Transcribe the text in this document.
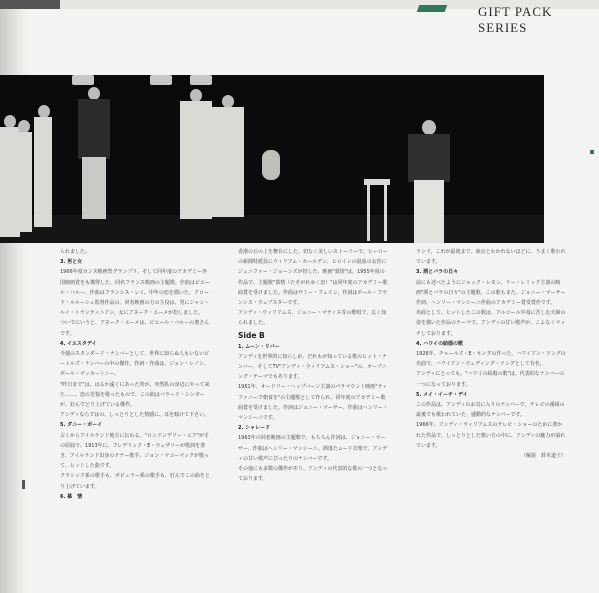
GIFT PACK SERIES

られました。

3. 男と女

1966年度カンヌ映画祭グランプリ、そして同年度のアカデミー外国映画賞をも獲得した、同名フランス映画の主題歌。作曲はピエール・バルー、作曲はフランシス・レイ。中年の恋を描いた、クロード・ルルーシュ監督作品の、同名映画の方の主役は、男にジャン・ルイ・トランティニアン、女にアヌーク・エーメが扮しました。

ついでにいうと、アヌーク・エーメは、ピエール・バルーの奥さんです。

4. イエスタデイ

今週のスタンダード・ナンバーとして、世界に知らぬ人もいないビートルズ・ナンバーの中の傑作。作詞・作曲は、ジョン・レノン、ポール・マッカートニー。

"昨日まで"は、はるか遠くにあった筈が、突然私の身辺にやって来た……。恋の苦悩を歌ったもので、この曲はバラード・シンガーが、好んでとり上げている傑作。

アンディならではの、しっとりとした情感に、耳を傾けて下さい。

5. ダニー・ボーイ

古くからアイルランド地方に伝わる、"ロンドンデリー・エア"がその原曲で、1913年に、フレデリック・E・ウェザリーが歌詞を書き、アイルランド出身のテナー歌手、ジョン・マコーマックが歌って、ヒットした曲です。

クラシック系の歌手も、ポピュラー系の歌手も、好んでこの曲をとり上げています。

6. 慕　情

香港の丘の上を舞台にした、切なく美しいストーリーで、ヒーローの新聞特派員にウィリアム・ホールデン、ヒロインの混血の女医にジェニファー・ジョーンズが扮した、映画"慕情"は、1955年度の作品で、主題歌"慕情（たそがれゆく恋）"は同年度のアカデミー歌曲賞を受けました。作曲はサミー・フェイン、作詞はポール・フランシス・ウェブスターです。

アンディ・ウィリアムス、ジョニー・マティス等の歌唱で、広く知られました。

Side B

1. ムーン・リバー

アンディを世界的に知らしめ、だれもが知っている歌のヒット・ナンバー。そしてTV"アンディ・ウィリアムス・ショー"の、オープニング・テーマでもあります。

1961年、オードリー・ヘップバーン主演のパラマウント映画"ティファニーで朝食を"の主題歌として作られ、同年度のアカデミー歌曲賞を受けました。作詞はジョニー・マーサー、作曲はヘンリー・マンシーニです。

2. シャレード

1963年の同名映画の主題歌で、もちろん作詞は、ジョニー・マーサー、作曲はヘンリー・マンシーニ。洒落たムード音楽で、アンディの甘い歌声にぴったりのナンバーです。

その他にも多数の傑作があり、アンディの代表的な歌の一つとなっております。

ランド。これが最後まで、東京とわかれないほどに、うまく歌われています。

3. 酒とバラの日々

前にも述べたようにジャック・レモン、リー・レミック主演の映画"酒とバラの日々"の主題歌。この歌もまた、ジョニー・マーサー作詞、ヘンリー・マンシーニ作曲のアカデミー賞受賞作です。

名曲として、ヒットしたこの歌は、アルコール中毒に苦しむ夫婦の姿を描いた作品のテーマで、アンディの甘い歌声が、こよなくマッチしております。

4. ハワイの結婚の歌

1926年、チャールズ・E・キングの作った、ハワイアン・ソングの名曲で、ハワイアン・ウェディング・ソングとして有名。

アンディにとっても、"ハワイの結婚の歌"は、代表的なナンバーの一つになっております。

5. メイ・イーチ・デイ

この作品は、アンディのお気に入りのナンバーで、テレビの番組の最後でも歌われていた、感動的なナンバーです。

1966年、アンディ・ウィリアムスのテレビ・ショーのために書かれた作品で、しっとりとした歌い方の中に、アンディの魅力が溢れています。

（解説　鈴木道子）
